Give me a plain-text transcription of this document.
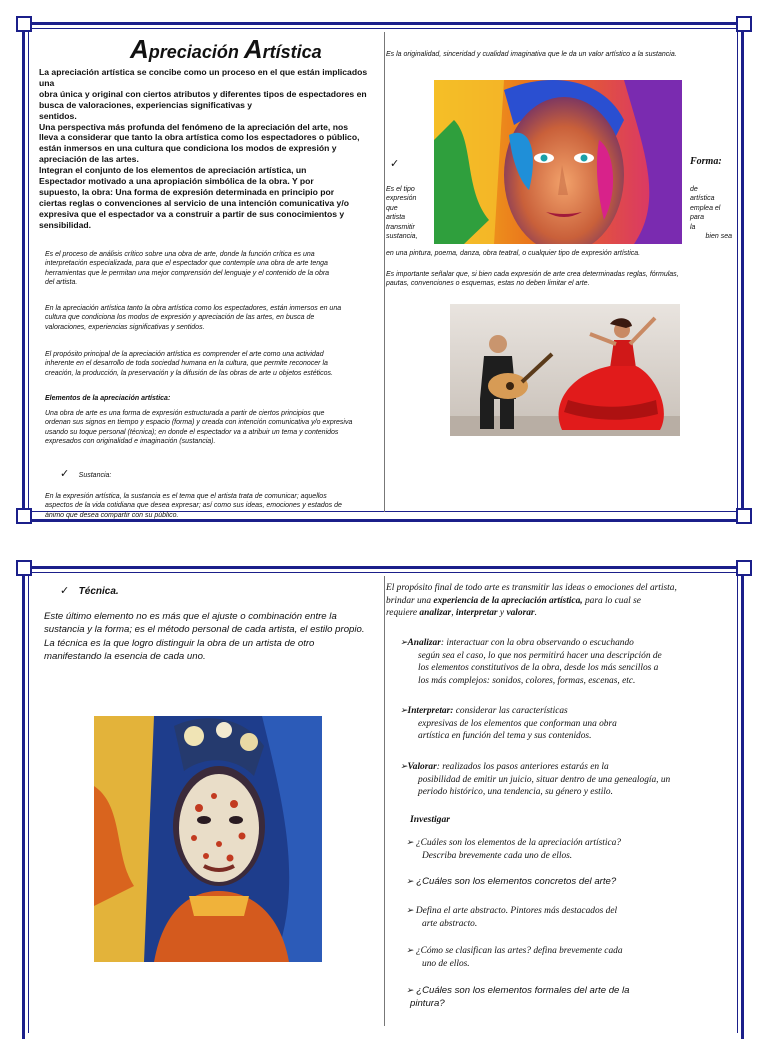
Apreciación Artística
La apreciación artística se concibe como un proceso en el que están implicados una
obra única y original con ciertos atributos y diferentes tipos de espectadores en
busca de valoraciones, experiencias significativas y
sentidos.
Una perspectiva más profunda del fenómeno de la apreciación del arte, nos
lleva a considerar que tanto la obra artística como los espectadores o público,
están inmersos en una cultura que condiciona los modos de expresión y
apreciación de las artes.
Integran el conjunto de los elementos de apreciación artística, un
Espectador motivado a una apropiación simbólica de la obra. Y por
supuesto, la obra: Una forma de expresión determinada en principio por
ciertas reglas o convenciones al servicio de una intención comunicativa y/o
expresiva que el espectador va a construir a partir de sus conocimientos y
sensibilidad.
Es el proceso de análisis crítico sobre una obra de arte, donde la función crítica es una
interpretación especializada, para que el espectador que contemple una obra de arte tenga
herramientas que le permitan una mejor comprensión del lenguaje y el contenido de la obra
del artista.
En la apreciación artística tanto la obra artística como los espectadores, están inmersos en una
cultura que condiciona los modos de expresión y apreciación de las artes, en busca de
valoraciones, experiencias significativas y sentidos.
El propósito principal de la apreciación artística es comprender el arte como una actividad
inherente en el desarrollo de toda sociedad humana en la cultura, que permite reconocer la
creación, la producción, la preservación y la difusión de las obras de arte u objetos estéticos.
Elementos de la apreciación artística:
Una obra de arte es una forma de expresión estructurada a partir de ciertos principios que
ordenan sus signos en tiempo y espacio (forma) y creada con intención comunicativa y/o expresiva
usando su toque personal (técnica); en donde el espectador va a atribuir un tema y contenidos
expresados con originalidad e imaginación (sustancia).
✓ Sustancia:
En la expresión artística, la sustancia es el tema que el artista trata de comunicar; aquellos
aspectos de la vida cotidiana que desea expresar; así como sus ideas, emociones y estados de
ánimo que desea compartir con su público.
Es la originalidad, sinceridad y cualidad imaginativa que le da un valor artístico a la sustancia.
✓	Forma:
Es el tipo
expresión
que
artista
transmitir
sustancia,
de
artística
emplea el
para
la
bien sea
en una pintura, poema, danza, obra teatral, o cualquier tipo de expresión artística.
Es importante señalar que, si bien cada expresión de arte crea determinadas reglas, fórmulas,
pautas, convenciones o esquemas, estas no deben limitar el arte.
✓ Técnica.
Este último elemento no es más que el ajuste o combinación entre la
sustancia y la forma; es el método personal de cada artista, el estilo propio.
La técnica es la que logro distinguir la obra de un artista de otro
manifestando la esencia de cada uno.
El propósito final de todo arte es transmitir las ideas o emociones del artista,
brindar una experiencia de la apreciación artística, para lo cual se
requiere analizar, interpretar y valorar.
➢Analizar: interactuar con la obra observando o escuchando
según sea el caso, lo que nos permitirá hacer una descripción de
los elementos constitutivos de la obra, desde los más sencillos a
los más complejos: sonidos, colores, formas, escenas, etc.
➢Interpretar: considerar las características
expresivas de los elementos que conforman una obra
artística en función del tema y sus contenidos.
➢Valorar: realizados los pasos anteriores estarás en la
posibilidad de emitir un juicio, situar dentro de una genealogía, un
periodo histórico, una tendencia, su género y estilo.
Investigar
➢ ¿Cuáles son los elementos de la apreciación artística?
Describa brevemente cada uno de ellos.
➢ ¿Cuáles son los elementos concretos del arte?
➢ Defina el arte abstracto. Pintores más destacados del
arte abstracto.
➢ ¿Cómo se clasifican las artes? defina brevemente cada
uno de ellos.
➢ ¿Cuáles son los elementos formales del arte de la
pintura?
